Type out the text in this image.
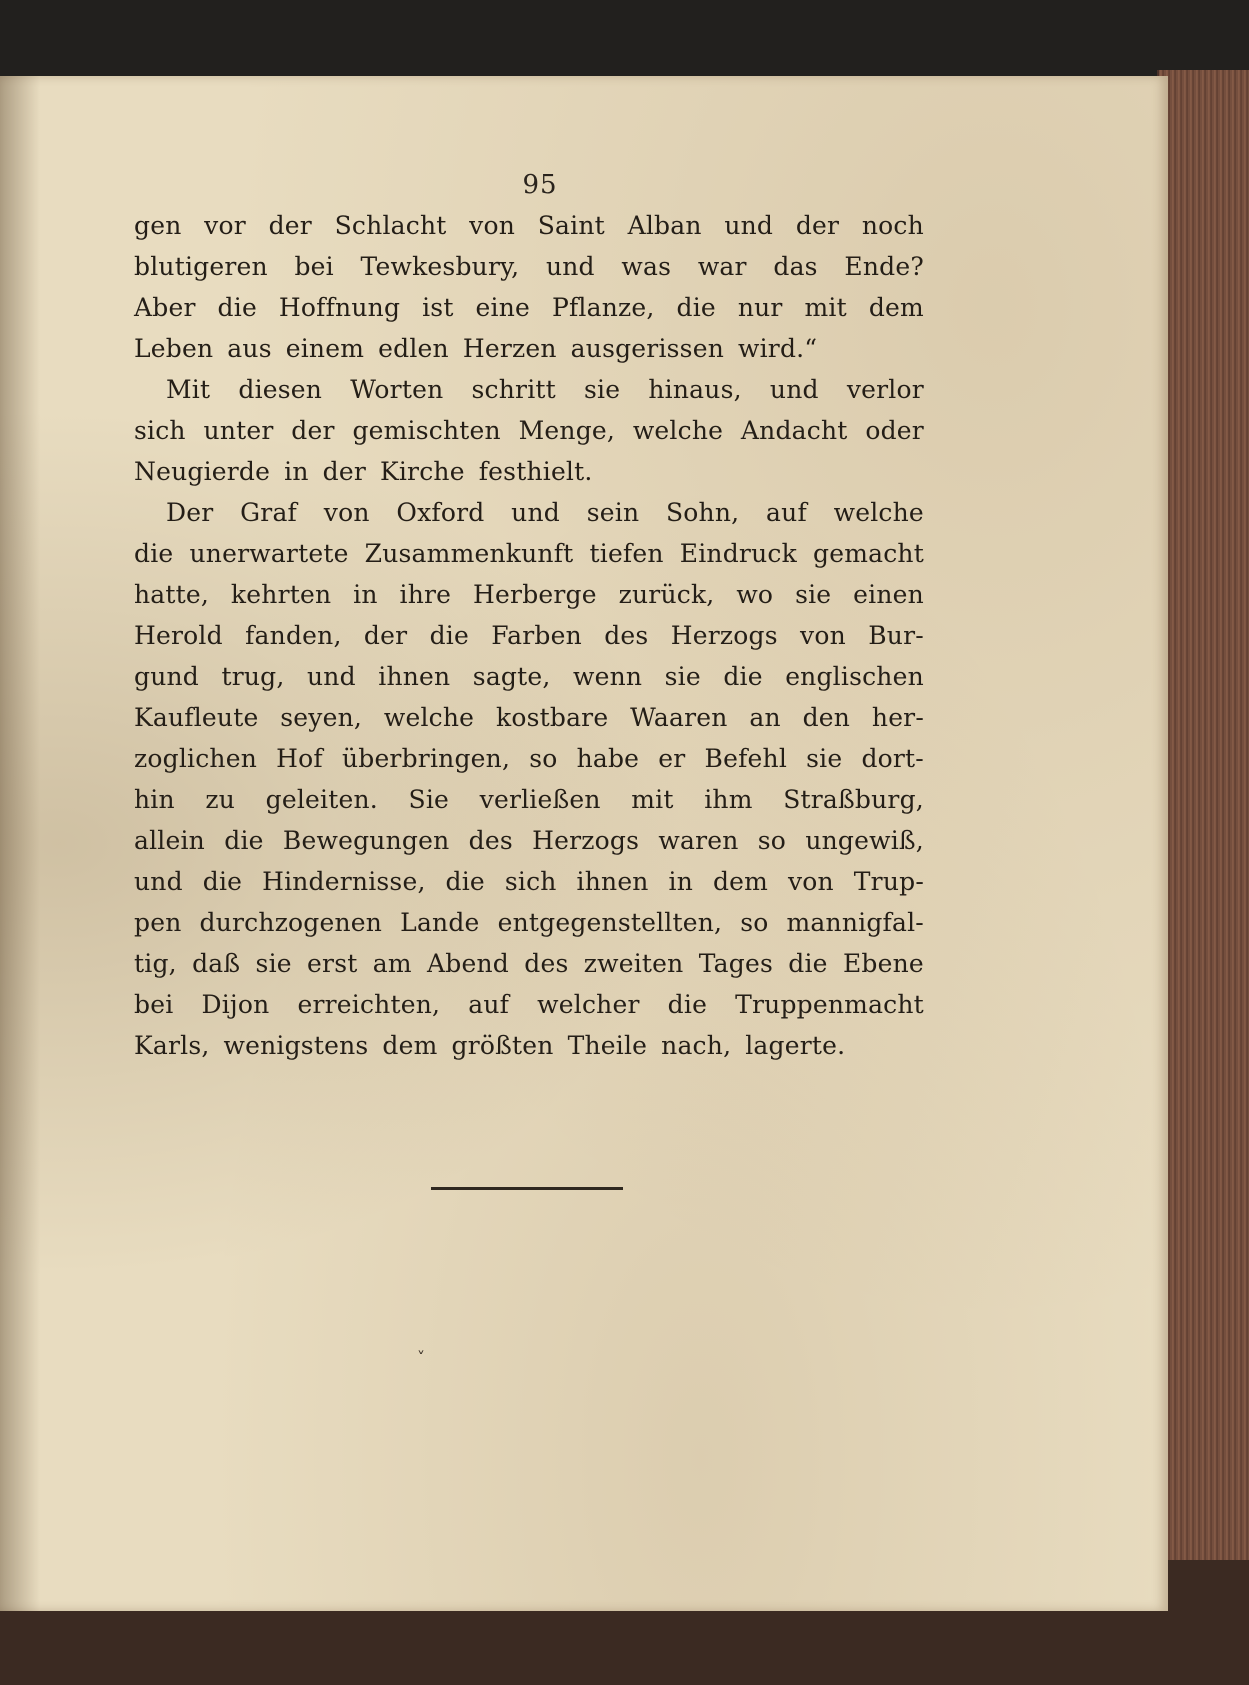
95
gen vor der Schlacht von Saint Alban und der noch
blutigeren bei Tewkesbury, und was war das Ende?
Aber die Hoffnung ist eine Pflanze, die nur mit dem
Leben aus einem edlen Herzen ausgerissen wird.“
Mit diesen Worten schritt sie hinaus, und verlor
sich unter der gemischten Menge, welche Andacht oder
Neugierde in der Kirche festhielt.
Der Graf von Oxford und sein Sohn, auf welche
die unerwartete Zusammenkunft tiefen Eindruck gemacht
hatte, kehrten in ihre Herberge zurück, wo sie einen
Herold fanden, der die Farben des Herzogs von Bur-
gund trug, und ihnen sagte, wenn sie die englischen
Kaufleute seyen, welche kostbare Waaren an den her-
zoglichen Hof überbringen, so habe er Befehl sie dort-
hin zu geleiten. Sie verließen mit ihm Straßburg,
allein die Bewegungen des Herzogs waren so ungewiß,
und die Hindernisse, die sich ihnen in dem von Trup-
pen durchzogenen Lande entgegenstellten, so mannigfal-
tig, daß sie erst am Abend des zweiten Tages die Ebene
bei Dijon erreichten, auf welcher die Truppenmacht
Karls, wenigstens dem größten Theile nach, lagerte.
˅
